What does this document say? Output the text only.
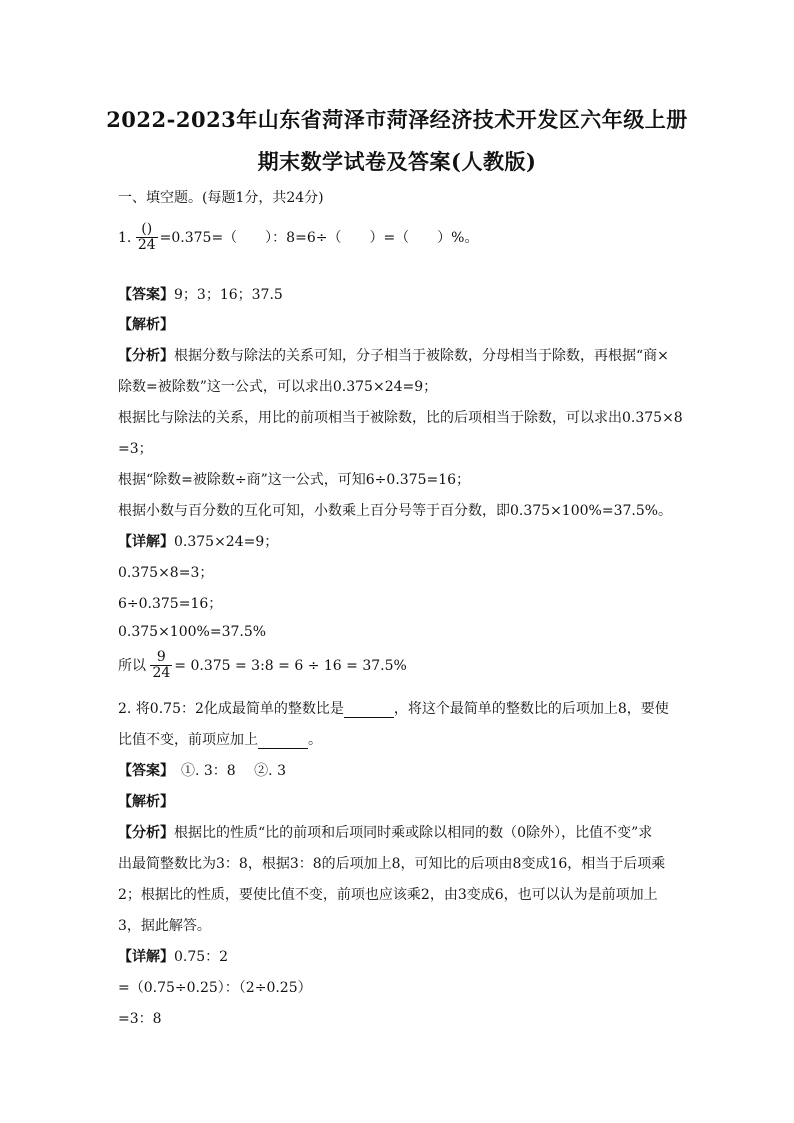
2022-2023年山东省菏泽市菏泽经济技术开发区六年级上册
期末数学试卷及答案(人教版)
一、填空题。(每题1分，共24分)
1. $\frac{()}{24} =0.375=$（　　）：8=6÷（　　）=（　　）%。
【答案】9；3；16；37.5
【解析】
【分析】根据分数与除法的关系可知，分子相当于被除数，分母相当于除数，再根据“商×
除数=被除数”这一公式，可以求出0.375×24=9；
根据比与除法的关系，用比的前项相当于被除数，比的后项相当于除数，可以求出0.375×8
=3；
根据“除数=被除数÷商”这一公式，可知6÷0.375=16；
根据小数与百分数的互化可知，小数乘上百分号等于百分数，即0.375×100%=37.5%。
【详解】0.375×24=9；
0.375×8=3；
6÷0.375=16；
0.375×100%=37.5%
所以 $\frac{9}{24} = 0.375$ = 3:8 = 6 ÷ 16 = 37.5%
2. 将0.75：2化成最简单的整数比是	，将这个最简单的整数比的后项加上8，要使
比值不变，前项应加上	。
【答案】　①. 3：8　 ②. 3
【解析】
【分析】根据比的性质“比的前项和后项同时乘或除以相同的数（0除外），比值不变”求
出最简整数比为3：8，根据3：8的后项加上8，可知比的后项由8变成16，相当于后项乘
2；根据比的性质，要使比值不变，前项也应该乘2，由3变成6，也可以认为是前项加上
3，据此解答。
【详解】0.75：2
=（0.75÷0.25）：（2÷0.25）
=3：8
